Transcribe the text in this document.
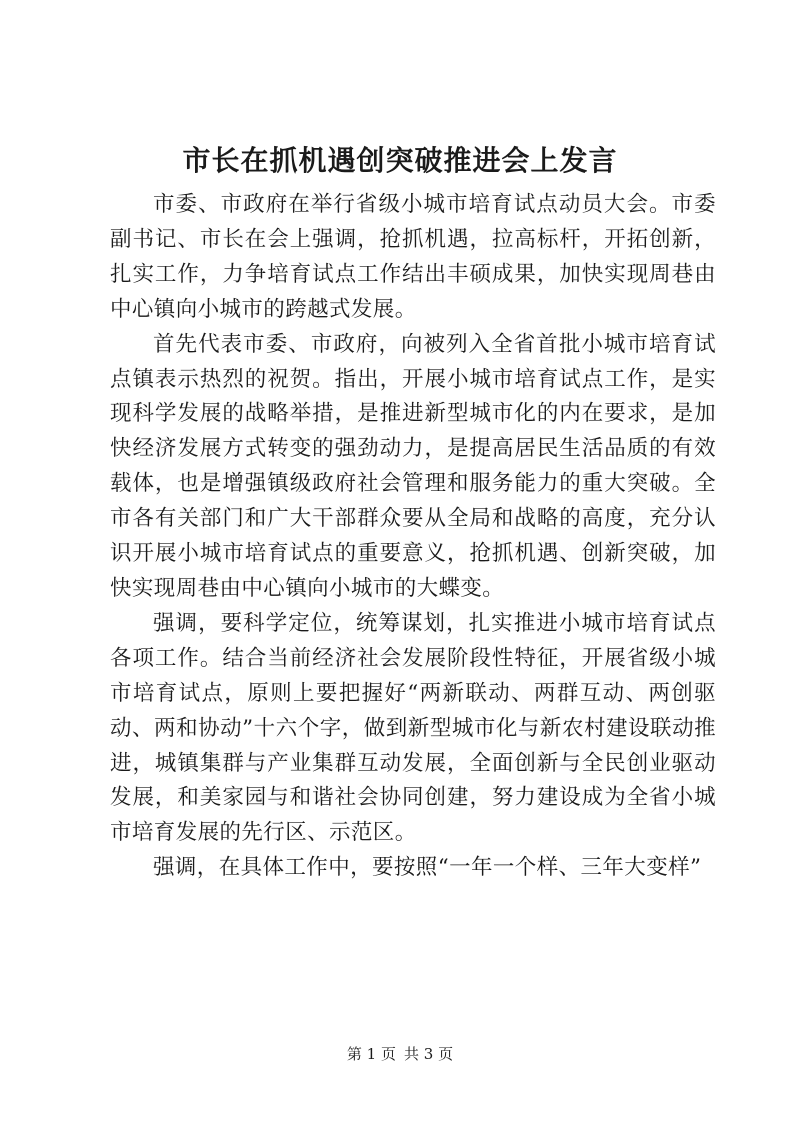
市长在抓机遇创突破推进会上发言

市委、市政府在举行省级小城市培育试点动员大会。市委副书记、市长在会上强调，抢抓机遇，拉高标杆，开拓创新，扎实工作，力争培育试点工作结出丰硕成果，加快实现周巷由中心镇向小城市的跨越式发展。

首先代表市委、市政府，向被列入全省首批小城市培育试点镇表示热烈的祝贺。指出，开展小城市培育试点工作，是实现科学发展的战略举措，是推进新型城市化的内在要求，是加快经济发展方式转变的强劲动力，是提高居民生活品质的有效载体，也是增强镇级政府社会管理和服务能力的重大突破。全市各有关部门和广大干部群众要从全局和战略的高度，充分认识开展小城市培育试点的重要意义，抢抓机遇、创新突破，加快实现周巷由中心镇向小城市的大蝶变。

强调，要科学定位，统筹谋划，扎实推进小城市培育试点各项工作。结合当前经济社会发展阶段性特征，开展省级小城市培育试点，原则上要把握好“两新联动、两群互动、两创驱动、两和协动”十六个字，做到新型城市化与新农村建设联动推进，城镇集群与产业集群互动发展，全面创新与全民创业驱动发展，和美家园与和谐社会协同创建，努力建设成为全省小城市培育发展的先行区、示范区。

强调，在具体工作中，要按照“一年一个样、三年大变样”

第 1 页 共 3 页
